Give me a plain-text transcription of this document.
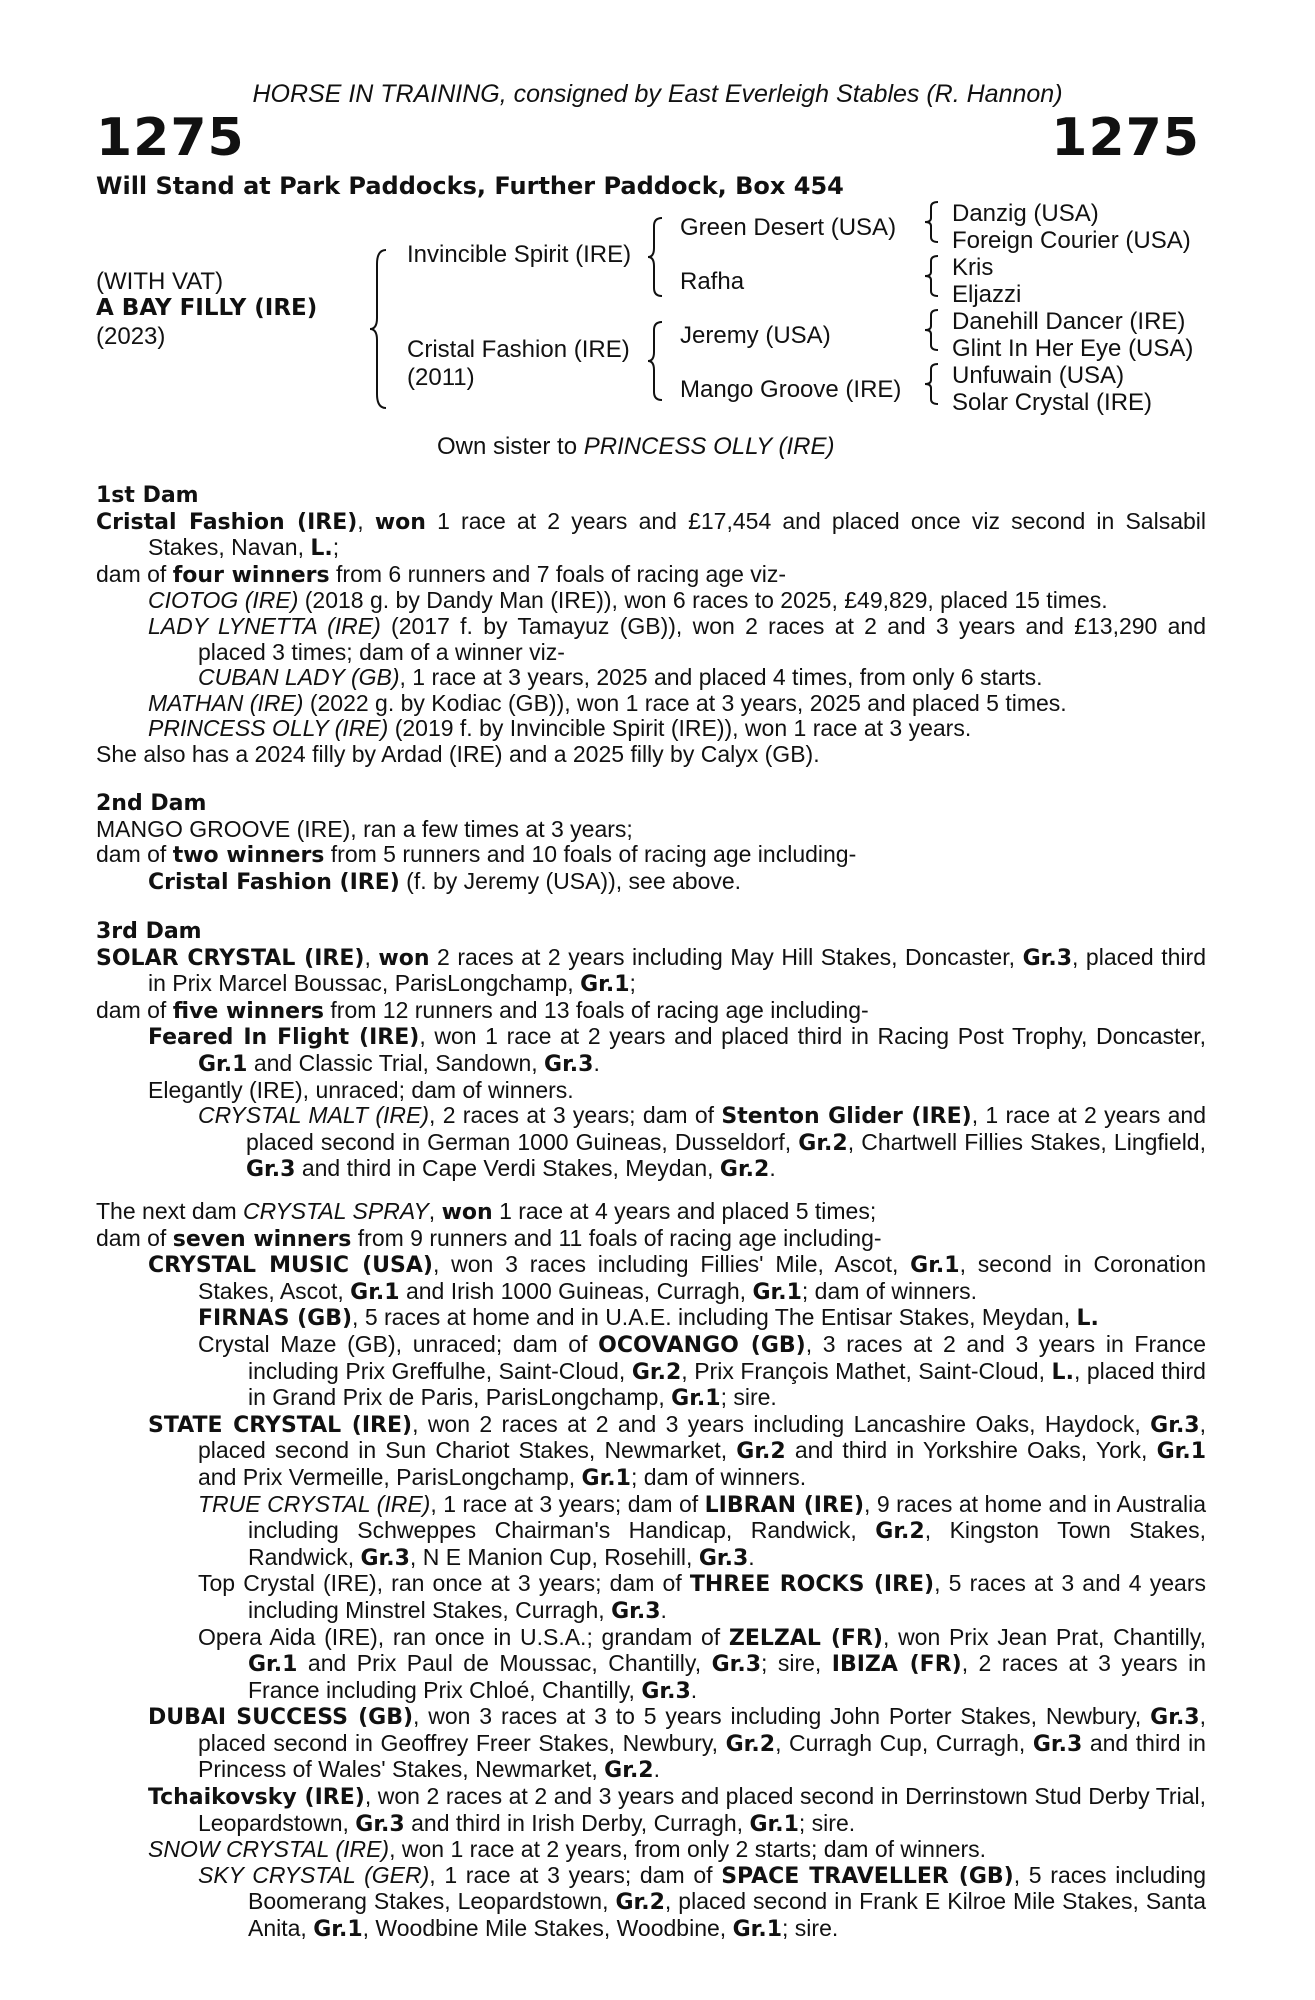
HORSE IN TRAINING, consigned by East Everleigh Stables (R. Hannon)
1275	1275
Will Stand at Park Paddocks, Further Paddock, Box 454
(WITH VAT)
A BAY FILLY (IRE)
(2023)
Invincible Spirit (IRE)
Cristal Fashion (IRE)
(2011)
Green Desert (USA)
Rafha
Jeremy (USA)
Mango Groove (IRE)
Danzig (USA)
Foreign Courier (USA)
Kris
Eljazzi
Danehill Dancer (IRE)
Glint In Her Eye (USA)
Unfuwain (USA)
Solar Crystal (IRE)
Own sister to PRINCESS OLLY (IRE)

1st Dam

Cristal Fashion (IRE), won 1 race at 2 years and £17,454 and placed once viz second in Salsabil Stakes, Navan, L.;

dam of four winners from 6 runners and 7 foals of racing age viz-

CIOTOG (IRE) (2018 g. by Dandy Man (IRE)), won 6 races to 2025, £49,829, placed 15 times.

LADY LYNETTA (IRE) (2017 f. by Tamayuz (GB)), won 2 races at 2 and 3 years and £13,290 and placed 3 times; dam of a winner viz-

CUBAN LADY (GB), 1 race at 3 years, 2025 and placed 4 times, from only 6 starts.

MATHAN (IRE) (2022 g. by Kodiac (GB)), won 1 race at 3 years, 2025 and placed 5 times.

PRINCESS OLLY (IRE) (2019 f. by Invincible Spirit (IRE)), won 1 race at 3 years.

She also has a 2024 filly by Ardad (IRE) and a 2025 filly by Calyx (GB).

2nd Dam

MANGO GROOVE (IRE), ran a few times at 3 years;

dam of two winners from 5 runners and 10 foals of racing age including-

Cristal Fashion (IRE) (f. by Jeremy (USA)), see above.

3rd Dam

SOLAR CRYSTAL (IRE), won 2 races at 2 years including May Hill Stakes, Doncaster, Gr.3, placed third in Prix Marcel Boussac, ParisLongchamp, Gr.1;

dam of five winners from 12 runners and 13 foals of racing age including-

Feared In Flight (IRE), won 1 race at 2 years and placed third in Racing Post Trophy, Doncaster, Gr.1 and Classic Trial, Sandown, Gr.3.

Elegantly (IRE), unraced; dam of winners.

CRYSTAL MALT (IRE), 2 races at 3 years; dam of Stenton Glider (IRE), 1 race at 2 years and placed second in German 1000 Guineas, Dusseldorf, Gr.2, Chartwell Fillies Stakes, Lingfield, Gr.3 and third in Cape Verdi Stakes, Meydan, Gr.2.

The next dam CRYSTAL SPRAY, won 1 race at 4 years and placed 5 times;

dam of seven winners from 9 runners and 11 foals of racing age including-

CRYSTAL MUSIC (USA), won 3 races including Fillies' Mile, Ascot, Gr.1, second in Coronation Stakes, Ascot, Gr.1 and Irish 1000 Guineas, Curragh, Gr.1; dam of winners.

FIRNAS (GB), 5 races at home and in U.A.E. including The Entisar Stakes, Meydan, L.

Crystal Maze (GB), unraced; dam of OCOVANGO (GB), 3 races at 2 and 3 years in France including Prix Greffulhe, Saint-Cloud, Gr.2, Prix François Mathet, Saint-Cloud, L., placed third in Grand Prix de Paris, ParisLongchamp, Gr.1; sire.

STATE CRYSTAL (IRE), won 2 races at 2 and 3 years including Lancashire Oaks, Haydock, Gr.3, placed second in Sun Chariot Stakes, Newmarket, Gr.2 and third in Yorkshire Oaks, York, Gr.1 and Prix Vermeille, ParisLongchamp, Gr.1; dam of winners.

TRUE CRYSTAL (IRE), 1 race at 3 years; dam of LIBRAN (IRE), 9 races at home and in Australia including Schweppes Chairman's Handicap, Randwick, Gr.2, Kingston Town Stakes, Randwick, Gr.3, N E Manion Cup, Rosehill, Gr.3.

Top Crystal (IRE), ran once at 3 years; dam of THREE ROCKS (IRE), 5 races at 3 and 4 years including Minstrel Stakes, Curragh, Gr.3.

Opera Aida (IRE), ran once in U.S.A.; grandam of ZELZAL (FR), won Prix Jean Prat, Chantilly, Gr.1 and Prix Paul de Moussac, Chantilly, Gr.3; sire, IBIZA (FR), 2 races at 3 years in France including Prix Chloé, Chantilly, Gr.3.

DUBAI SUCCESS (GB), won 3 races at 3 to 5 years including John Porter Stakes, Newbury, Gr.3, placed second in Geoffrey Freer Stakes, Newbury, Gr.2, Curragh Cup, Curragh, Gr.3 and third in Princess of Wales' Stakes, Newmarket, Gr.2.

Tchaikovsky (IRE), won 2 races at 2 and 3 years and placed second in Derrinstown Stud Derby Trial, Leopardstown, Gr.3 and third in Irish Derby, Curragh, Gr.1; sire.

SNOW CRYSTAL (IRE), won 1 race at 2 years, from only 2 starts; dam of winners.

SKY CRYSTAL (GER), 1 race at 3 years; dam of SPACE TRAVELLER (GB), 5 races including Boomerang Stakes, Leopardstown, Gr.2, placed second in Frank E Kilroe Mile Stakes, Santa Anita, Gr.1, Woodbine Mile Stakes, Woodbine, Gr.1; sire.
